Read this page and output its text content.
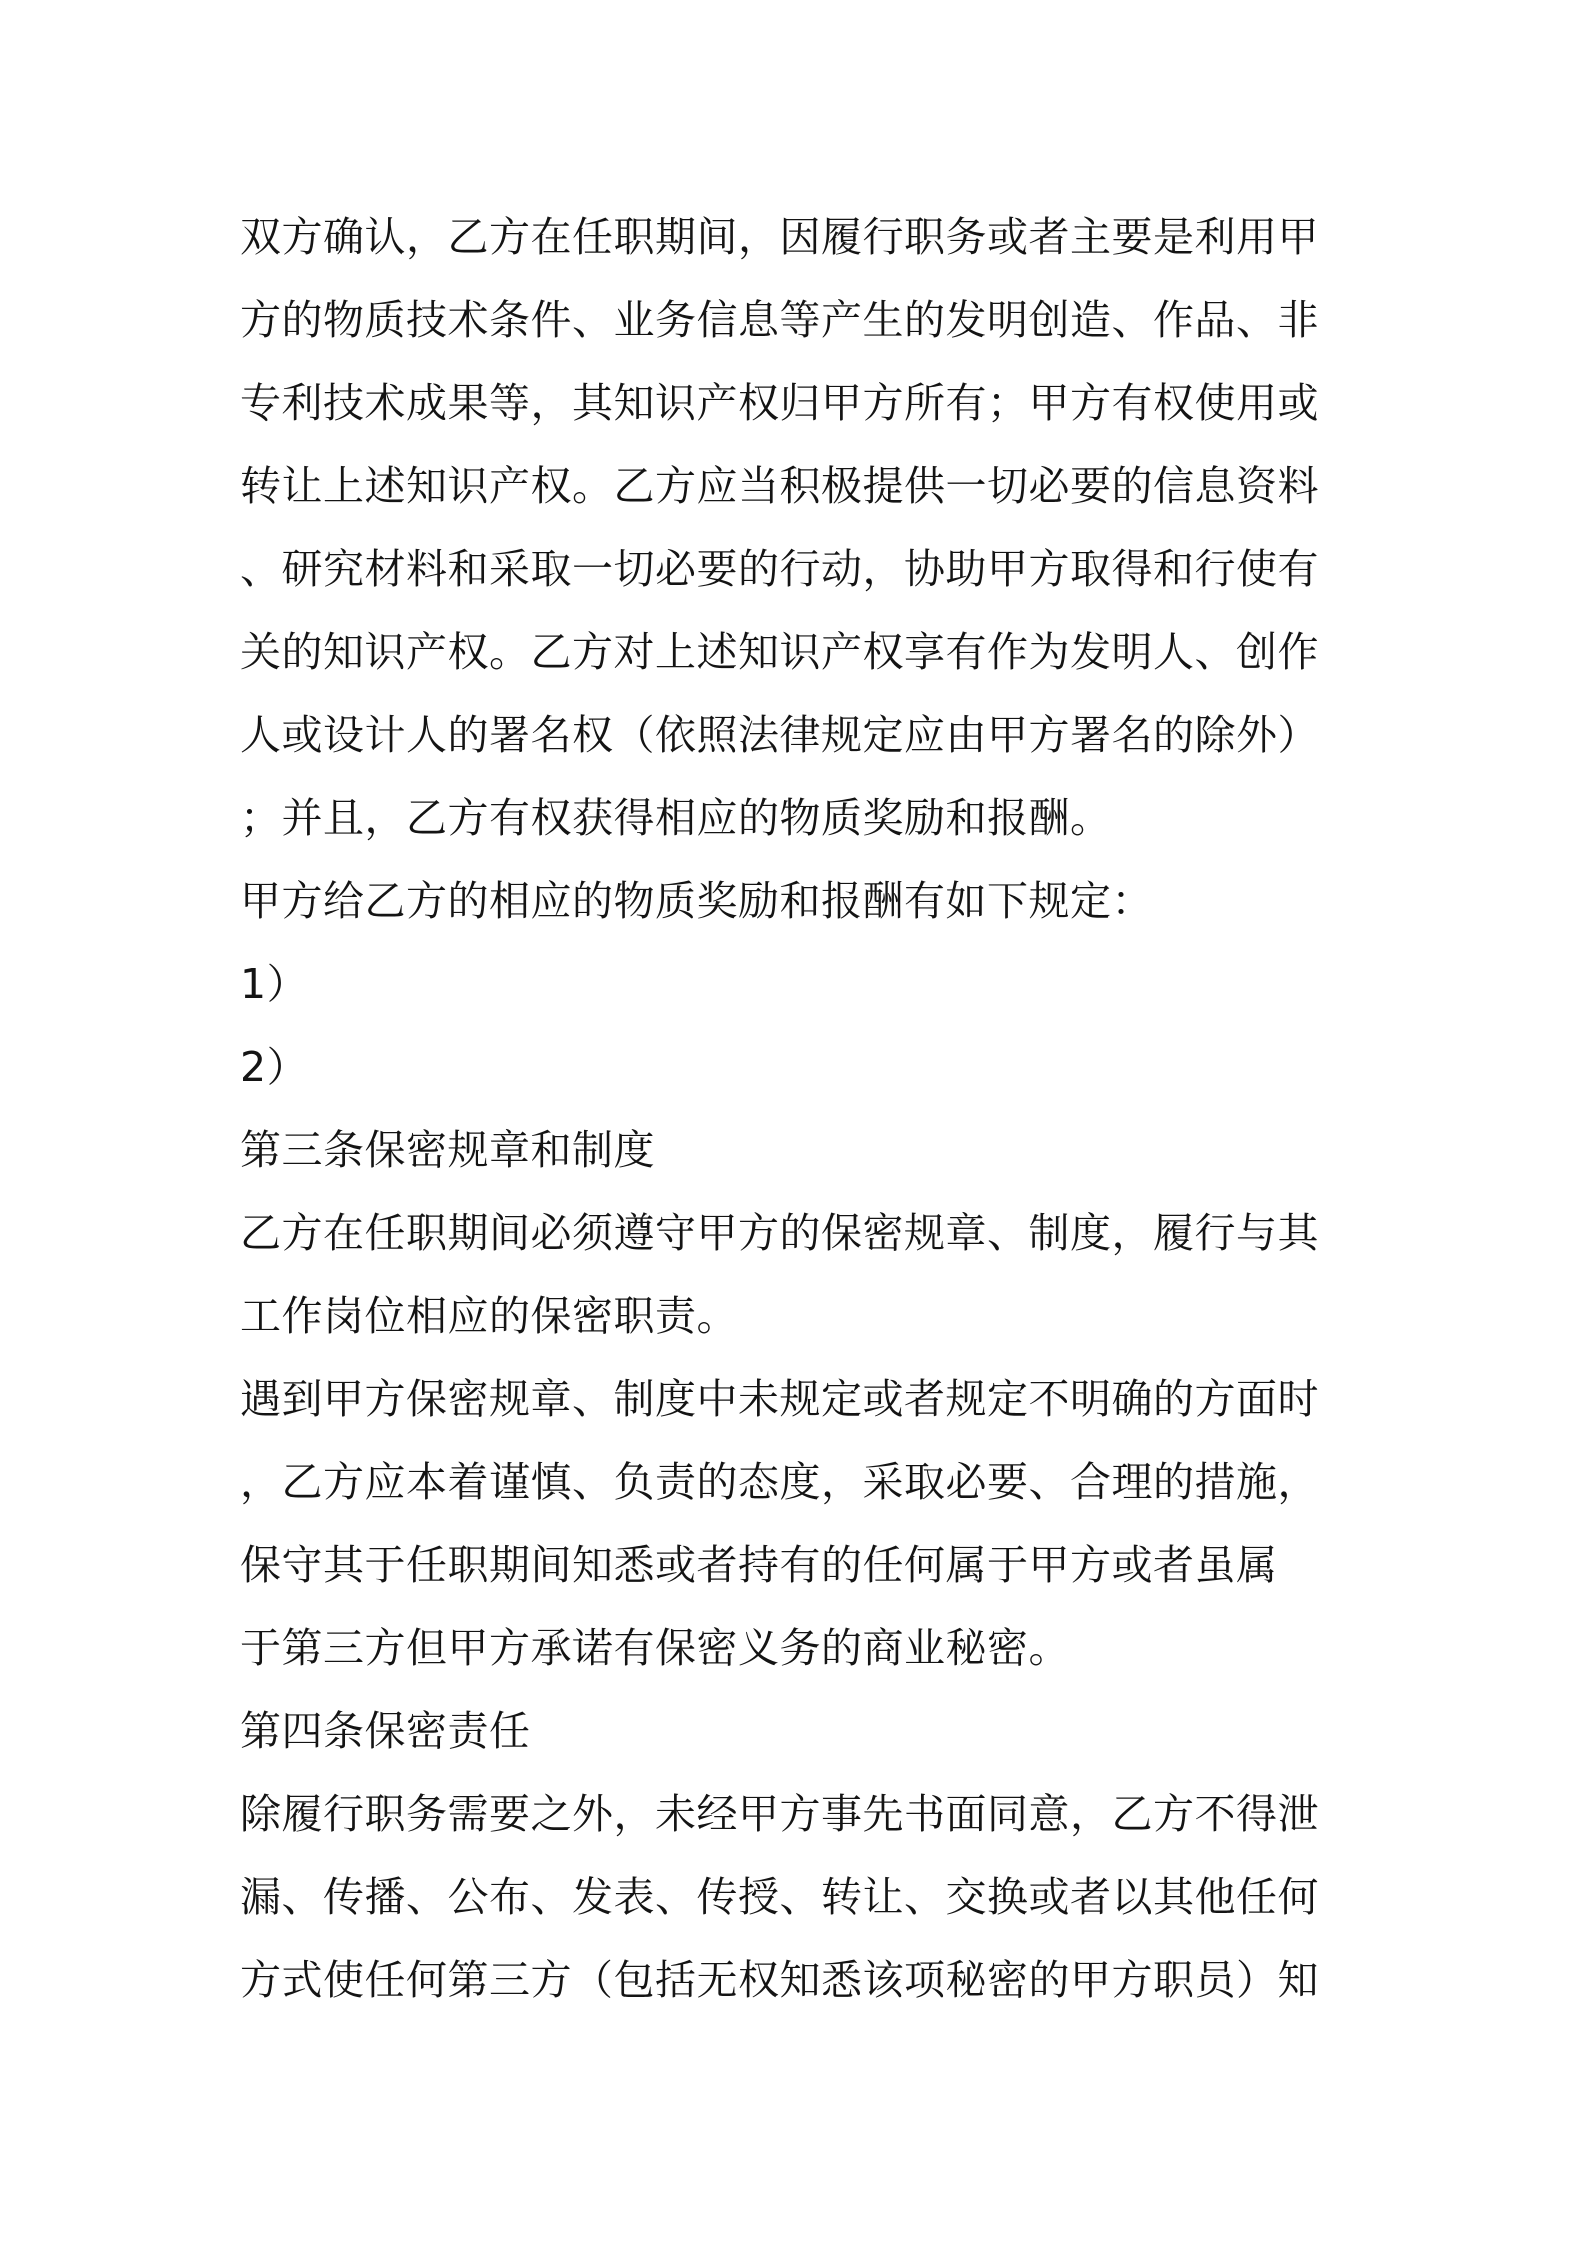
双方确认，乙方在任职期间，因履行职务或者主要是利用甲
方的物质技术条件、业务信息等产生的发明创造、作品、非
专利技术成果等，其知识产权归甲方所有；甲方有权使用或
转让上述知识产权。乙方应当积极提供一切必要的信息资料
、研究材料和采取一切必要的行动，协助甲方取得和行使有
关的知识产权。乙方对上述知识产权享有作为发明人、创作
人或设计人的署名权（依照法律规定应由甲方署名的除外）
；并且，乙方有权获得相应的物质奖励和报酬。
甲方给乙方的相应的物质奖励和报酬有如下规定：
1）
2）
第三条保密规章和制度
乙方在任职期间必须遵守甲方的保密规章、制度，履行与其
工作岗位相应的保密职责。
遇到甲方保密规章、制度中未规定或者规定不明确的方面时
，乙方应本着谨慎、负责的态度，采取必要、合理的措施，
保守其于任职期间知悉或者持有的任何属于甲方或者虽属
于第三方但甲方承诺有保密义务的商业秘密。
第四条保密责任
除履行职务需要之外，未经甲方事先书面同意，乙方不得泄
漏、传播、公布、发表、传授、转让、交换或者以其他任何
方式使任何第三方（包括无权知悉该项秘密的甲方职员）知
